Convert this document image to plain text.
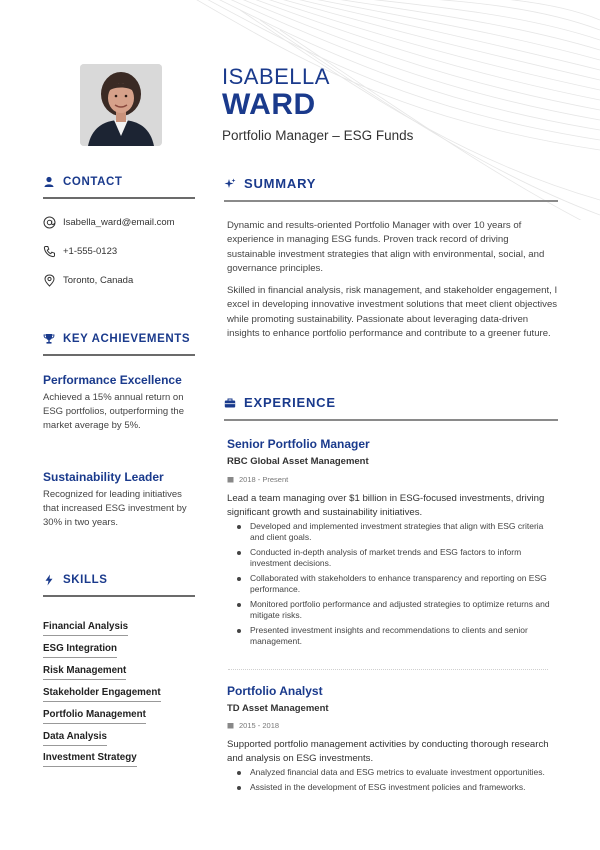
ISABELLA
WARD
Portfolio Manager – ESG Funds
CONTACT
Isabella_ward@email.com
+1-555-0123
Toronto, Canada
KEY ACHIEVEMENTS
Performance Excellence
Achieved a 15% annual return on ESG portfolios, outperforming the market average by 5%.
Sustainability Leader
Recognized for leading initiatives that increased ESG investment by 30% in two years.
SKILLS
Financial Analysis
ESG Integration
Risk Management
Stakeholder Engagement
Portfolio Management
Data Analysis
Investment Strategy
SUMMARY

Dynamic and results-oriented Portfolio Manager with over 10 years of experience in managing ESG funds. Proven track record of driving sustainable investment strategies that align with environmental, social, and governance principles.

Skilled in financial analysis, risk management, and stakeholder engagement, I excel in developing innovative investment solutions that meet client objectives while promoting sustainability. Passionate about leveraging data-driven insights to enhance portfolio performance and contribute to a greener future.

EXPERIENCE
Senior Portfolio Manager
RBC Global Asset Management
2018 - Present

Lead a team managing over $1 billion in ESG-focused investments, driving significant growth and sustainability initiatives.

Developed and implemented investment strategies that align with ESG criteria and client goals.
Conducted in-depth analysis of market trends and ESG factors to inform investment decisions.
Collaborated with stakeholders to enhance transparency and reporting on ESG performance.
Monitored portfolio performance and adjusted strategies to optimize returns and mitigate risks.
Presented investment insights and recommendations to clients and senior management.
Portfolio Analyst
TD Asset Management
2015 - 2018

Supported portfolio management activities by conducting thorough research and analysis on ESG investments.

Analyzed financial data and ESG metrics to evaluate investment opportunities.
Assisted in the development of ESG investment policies and frameworks.
